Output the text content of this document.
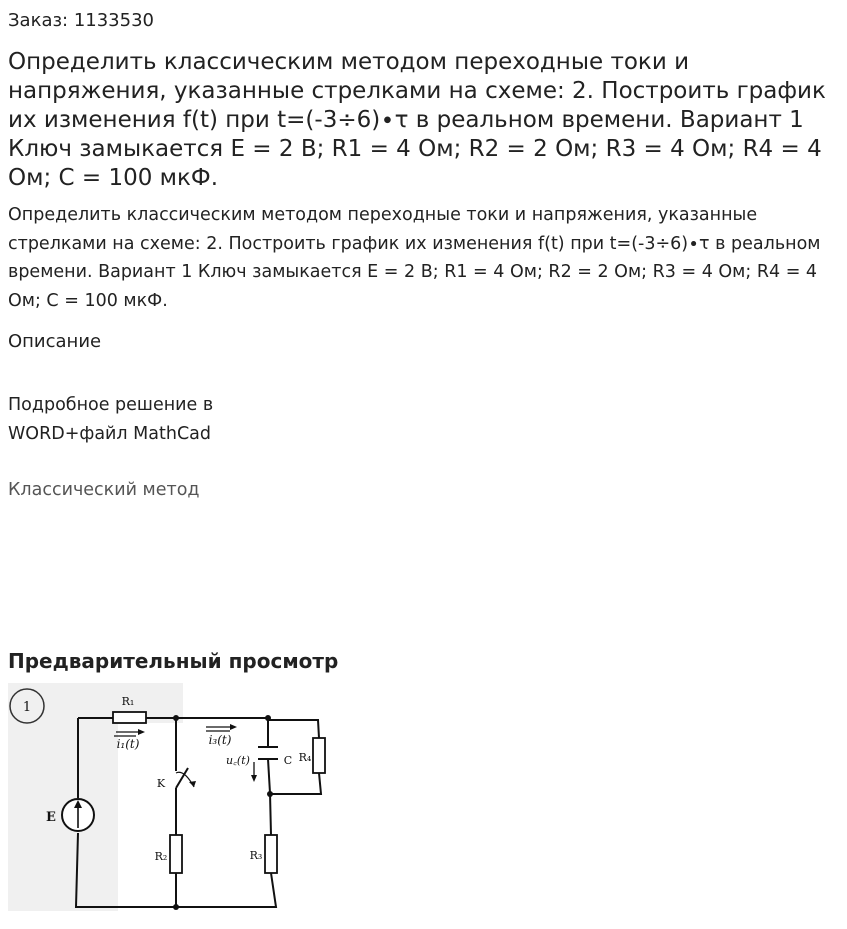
Заказ: 1133530
Определить классическим методом переходные токи и напряжения, указанные стрелками на схеме: 2. Построить график их изменения f(t) при t=(-3÷6)∙τ в реальном времени. Вариант 1 Ключ замыкается E = 2 В; R1 = 4 Ом; R2 = 2 Ом; R3 = 4 Ом; R4 = 4 Ом; C = 100 мкФ.

Определить классическим методом переходные токи и напряжения, указанные стрелками на схеме: 2. Построить график их изменения f(t) при t=(-3÷6)∙τ в реальном времени. Вариант 1 Ключ замыкается E = 2 В; R1 = 4 Ом; R2 = 2 Ом; R3 = 4 Ом; R4 = 4 Ом; C = 100 мкФ.

Описание

Подробное решение в WORD+файл MathCad

Классический метод
Предварительный просмотр
1	R₁
i₁(t)	i₃(t)
u꜀(t)	C R₄
K
E
R₂	R₃
